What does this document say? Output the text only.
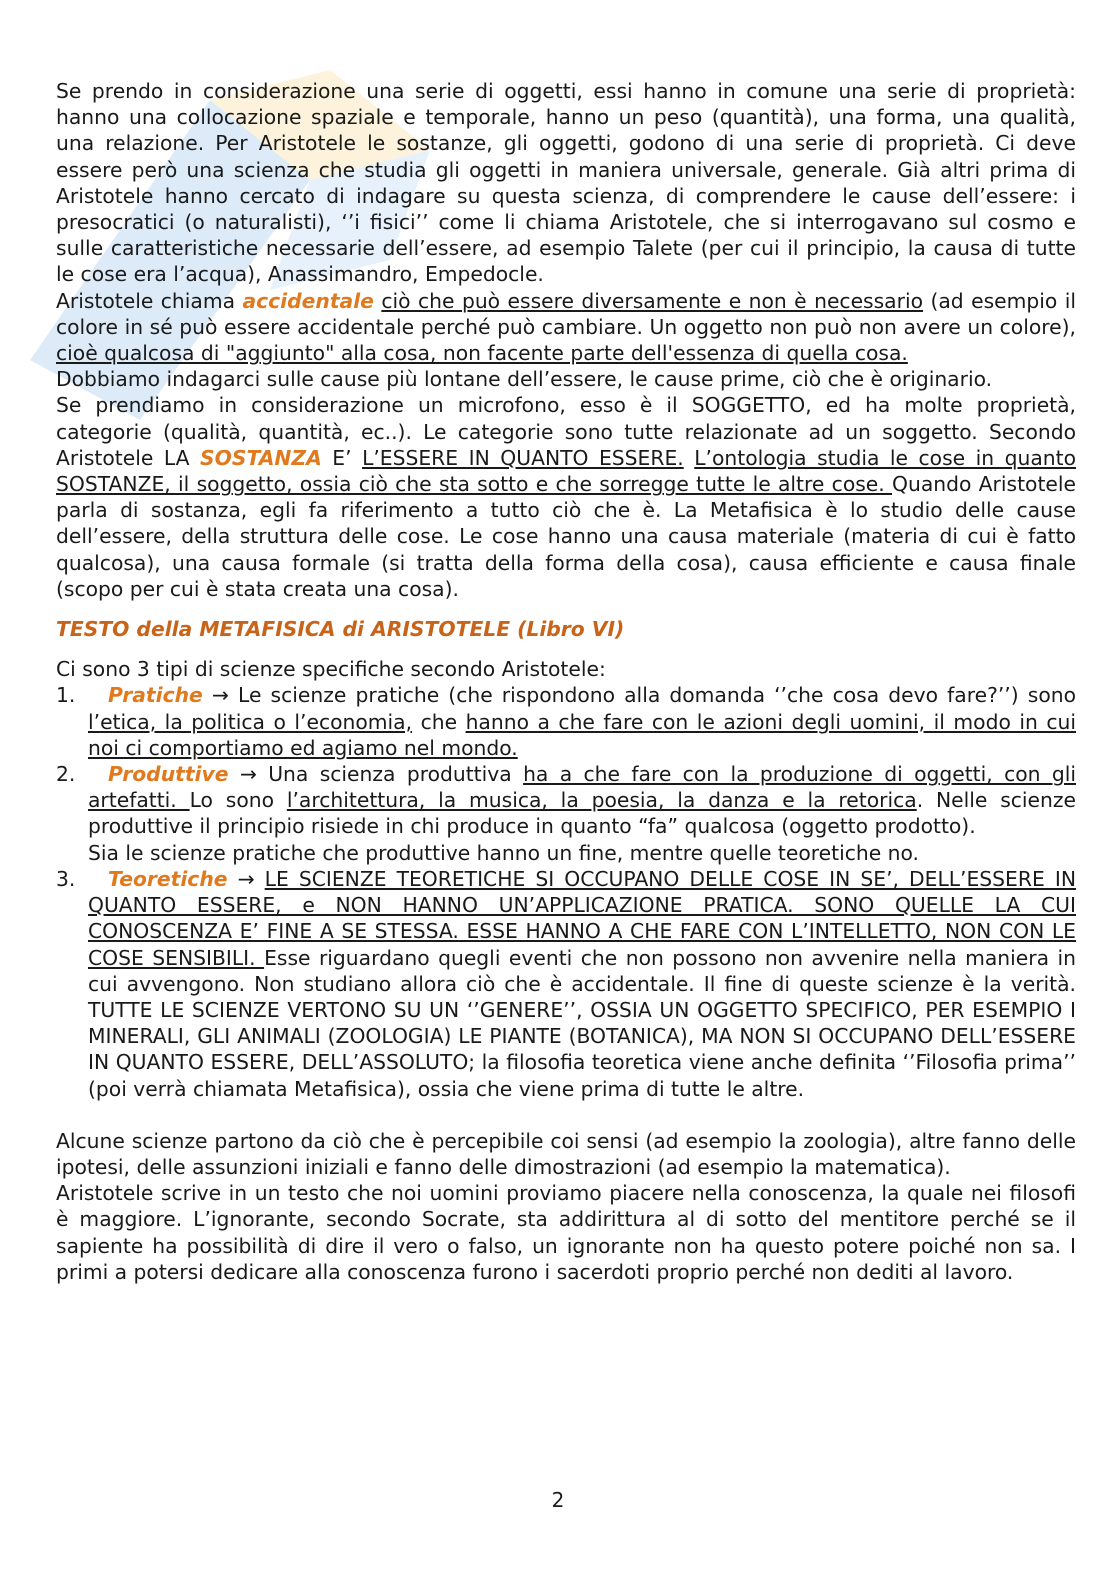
Se prendo in considerazione una serie di oggetti, essi hanno in comune una serie di proprietà: hanno una collocazione spaziale e temporale, hanno un peso (quantità), una forma, una qualità, una relazione. Per Aristotele le sostanze, gli oggetti, godono di una serie di proprietà. Ci deve essere però una scienza che studia gli oggetti in maniera universale, generale. Già altri prima di Aristotele hanno cercato di indagare su questa scienza, di comprendere le cause dell’essere: i presocratici (o naturalisti), ‘’i fisici’’ come li chiama Aristotele, che si interrogavano sul cosmo e sulle caratteristiche necessarie dell’essere, ad esempio Talete (per cui il principio, la causa di tutte le cose era l’acqua), Anassimandro, Empedocle.

Aristotele chiama accidentale ciò che può essere diversamente e non è necessario (ad esempio il colore in sé può essere accidentale perché può cambiare. Un oggetto non può non avere un colore), cioè qualcosa di "aggiunto" alla cosa, non facente parte dell'essenza di quella cosa.

Dobbiamo indagarci sulle cause più lontane dell’essere, le cause prime, ciò che è originario.

Se prendiamo in considerazione un microfono, esso è il SOGGETTO, ed ha molte proprietà, categorie (qualità, quantità, ec..). Le categorie sono tutte relazionate ad un soggetto. Secondo Aristotele LA SOSTANZA E’ L’ESSERE IN QUANTO ESSERE. L’ontologia studia le cose in quanto SOSTANZE, il soggetto, ossia ciò che sta sotto e che sorregge tutte le altre cose. Quando Aristotele parla di sostanza, egli fa riferimento a tutto ciò che è. La Metafisica è lo studio delle cause dell’essere, della struttura delle cose. Le cose hanno una causa materiale (materia di cui è fatto qualcosa), una causa formale (si tratta della forma della cosa), causa efficiente e causa finale (scopo per cui è stata creata una cosa).

TESTO della METAFISICA di ARISTOTELE (Libro VI)

Ci sono 3 tipi di scienze specifiche secondo Aristotele:

1. Pratiche → Le scienze pratiche (che rispondono alla domanda ‘’che cosa devo fare?’’) sono l’etica, la politica o l’economia, che hanno a che fare con le azioni degli uomini, il modo in cui noi ci comportiamo ed agiamo nel mondo.
2. Produttive → Una scienza produttiva ha a che fare con la produzione di oggetti, con gli artefatti. Lo sono l’architettura, la musica, la poesia, la danza e la retorica. Nelle scienze produttive il principio risiede in chi produce in quanto “fa” qualcosa (oggetto prodotto).
Sia le scienze pratiche che produttive hanno un fine, mentre quelle teoretiche no.
3. Teoretiche → LE SCIENZE TEORETICHE SI OCCUPANO DELLE COSE IN SE’, DELL’ESSERE IN QUANTO ESSERE, e NON HANNO UN’APPLICAZIONE PRATICA. SONO QUELLE LA CUI CONOSCENZA E’ FINE A SE STESSA. ESSE HANNO A CHE FARE CON L’INTELLETTO, NON CON LE COSE SENSIBILI. Esse riguardano quegli eventi che non possono non avvenire nella maniera in cui avvengono. Non studiano allora ciò che è accidentale. Il fine di queste scienze è la verità. TUTTE LE SCIENZE VERTONO SU UN ‘’GENERE’’, OSSIA UN OGGETTO SPECIFICO, PER ESEMPIO I MINERALI, GLI ANIMALI (ZOOLOGIA) LE PIANTE (BOTANICA), MA NON SI OCCUPANO DELL’ESSERE IN QUANTO ESSERE, DELL’ASSOLUTO; la filosofia teoretica viene anche definita ‘’Filosofia prima’’ (poi verrà chiamata Metafisica), ossia che viene prima di tutte le altre.

Alcune scienze partono da ciò che è percepibile coi sensi (ad esempio la zoologia), altre fanno delle ipotesi, delle assunzioni iniziali e fanno delle dimostrazioni (ad esempio la matematica).

Aristotele scrive in un testo che noi uomini proviamo piacere nella conoscenza, la quale nei filosofi è maggiore. L’ignorante, secondo Socrate, sta addirittura al di sotto del mentitore perché se il sapiente ha possibilità di dire il vero o falso, un ignorante non ha questo potere poiché non sa. I primi a potersi dedicare alla conoscenza furono i sacerdoti proprio perché non dediti al lavoro.

2
